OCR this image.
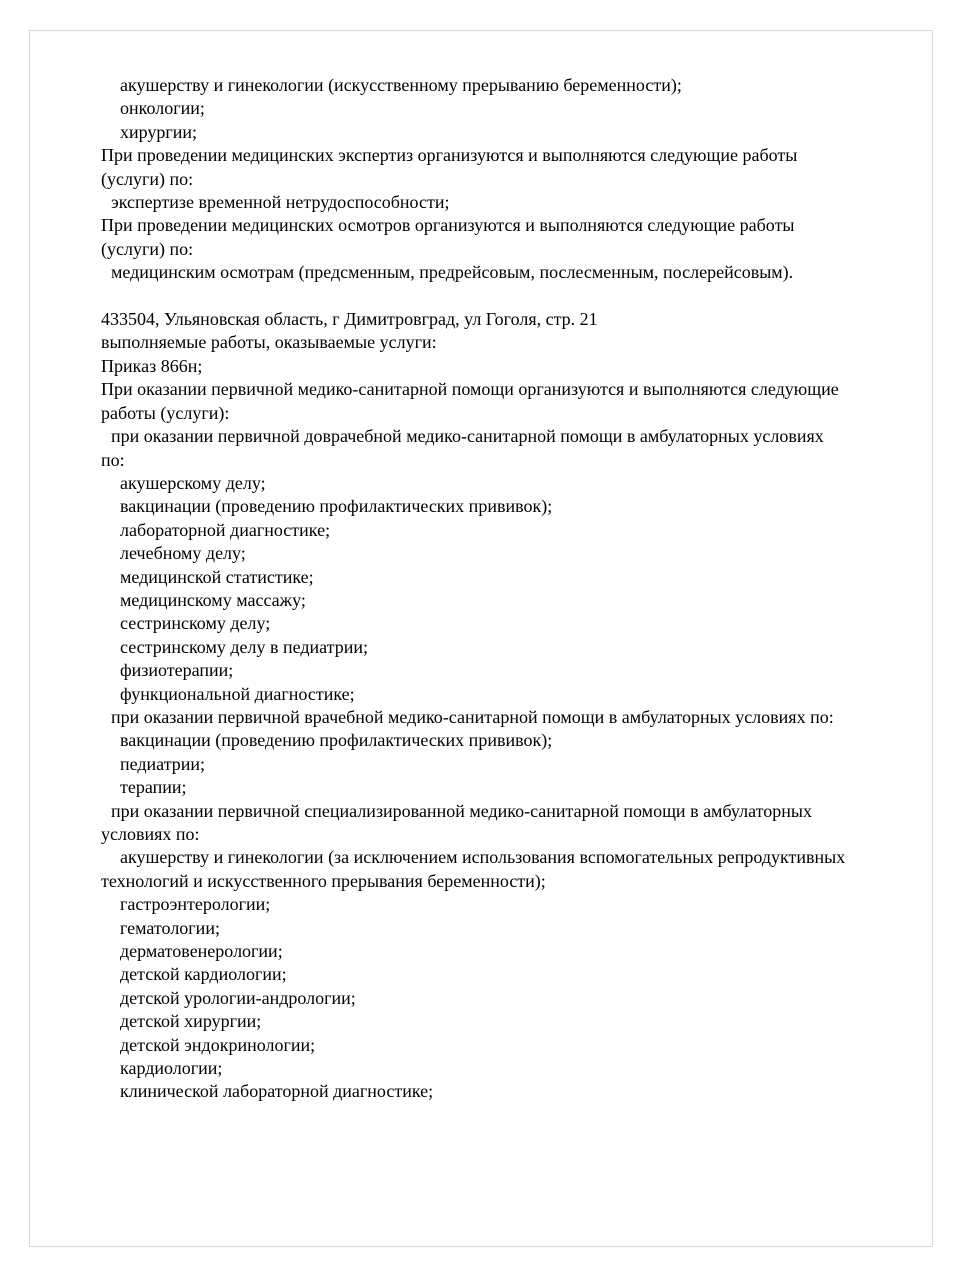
акушерству и гинекологии (искусственному прерыванию беременности);
онкологии;
хирургии;
При проведении медицинских экспертиз организуются и выполняются следующие работы
(услуги) по:
экспертизе временной нетрудоспособности;
При проведении медицинских осмотров организуются и выполняются следующие работы
(услуги) по:
медицинским осмотрам (предсменным, предрейсовым, послесменным, послерейсовым).

433504, Ульяновская область, г Димитровград, ул Гоголя, стр. 21
выполняемые работы, оказываемые услуги:
Приказ 866н;
При оказании первичной медико-санитарной помощи организуются и выполняются следующие
работы (услуги):
при оказании первичной доврачебной медико-санитарной помощи в амбулаторных условиях
по:
акушерскому делу;
вакцинации (проведению профилактических прививок);
лабораторной диагностике;
лечебному делу;
медицинской статистике;
медицинскому массажу;
сестринскому делу;
сестринскому делу в педиатрии;
физиотерапии;
функциональной диагностике;
при оказании первичной врачебной медико-санитарной помощи в амбулаторных условиях по:
вакцинации (проведению профилактических прививок);
педиатрии;
терапии;
при оказании первичной специализированной медико-санитарной помощи в амбулаторных
условиях по:
акушерству и гинекологии (за исключением использования вспомогательных репродуктивных
технологий и искусственного прерывания беременности);
гастроэнтерологии;
гематологии;
дерматовенерологии;
детской кардиологии;
детской урологии-андрологии;
детской хирургии;
детской эндокринологии;
кардиологии;
клинической лабораторной диагностике;
